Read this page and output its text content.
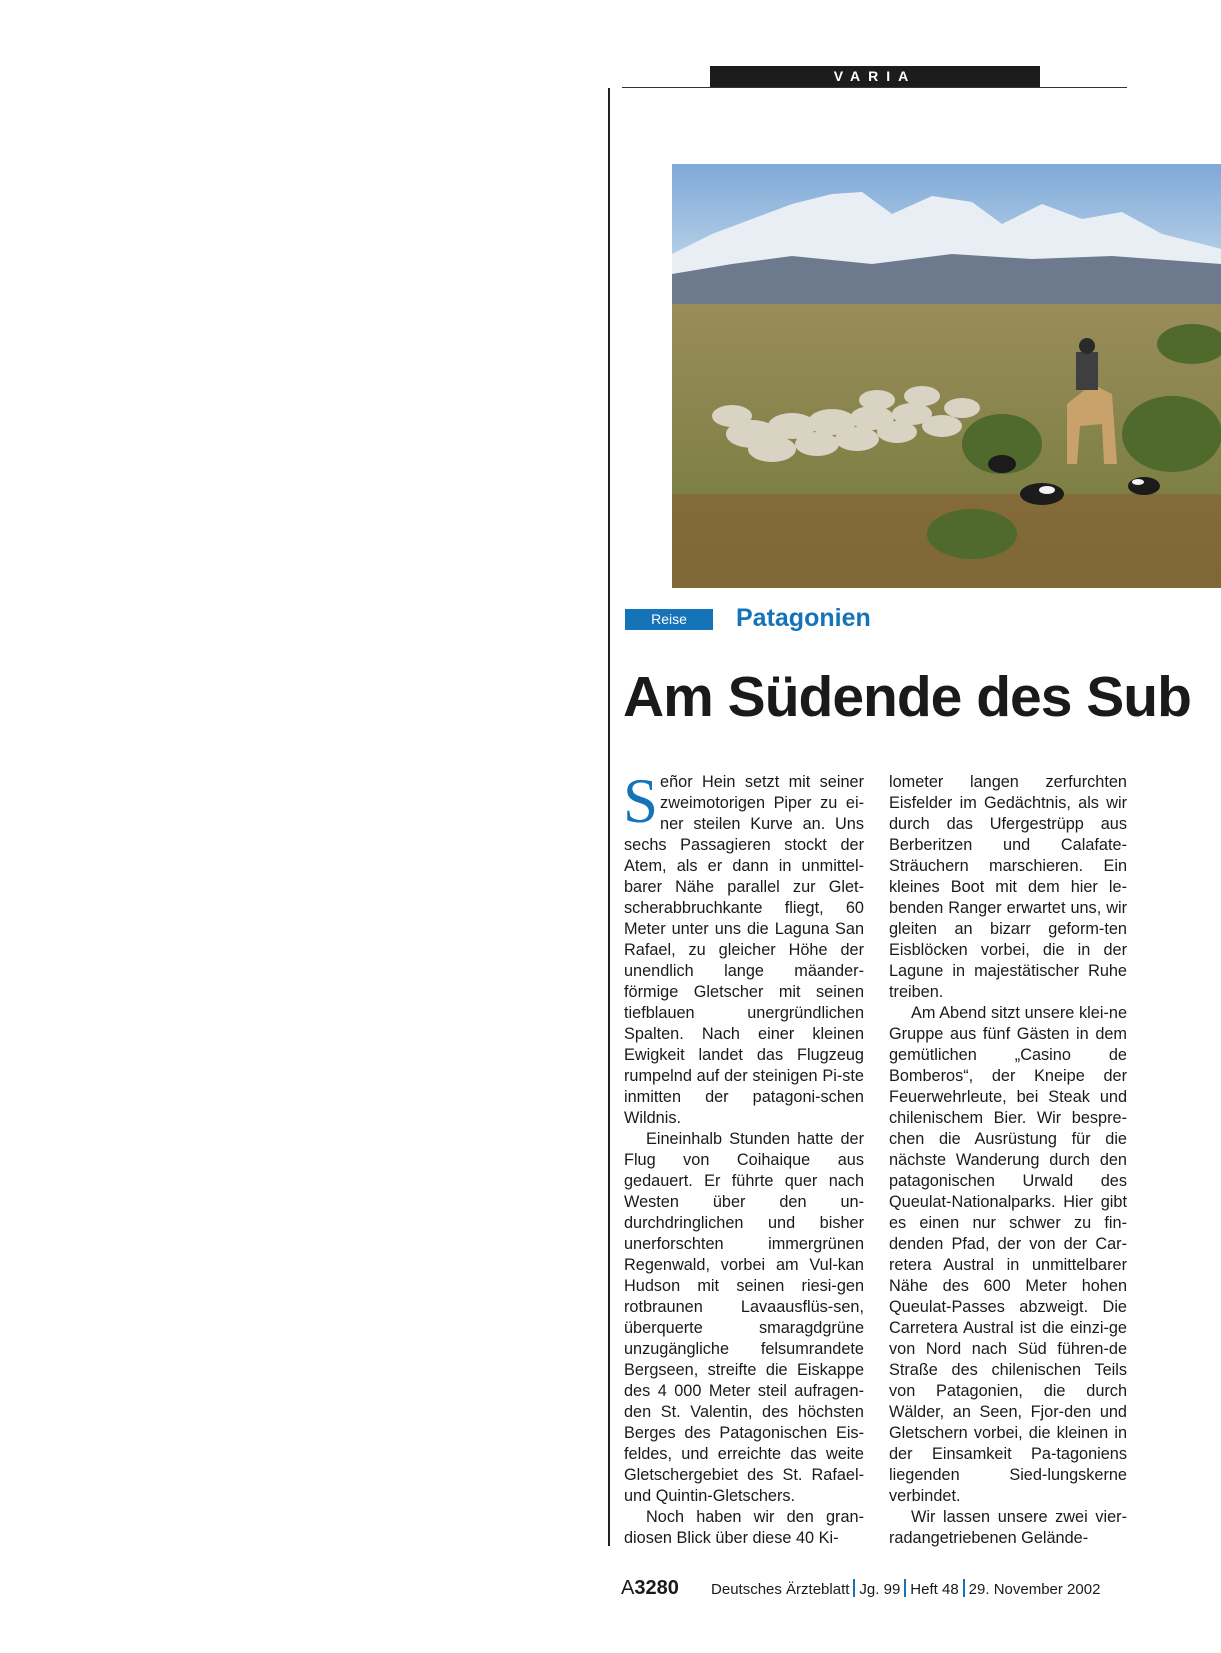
VARIA
Reise	Patagonien
Am Südende des Sub

Señor Hein setzt mit seiner zweimotorigen Piper zu ei-ner steilen Kurve an. Uns sechs Passagieren stockt der Atem, als er dann in unmittel-barer Nähe parallel zur Glet-scherabbruchkante fliegt, 60 Meter unter uns die Laguna San Rafael, zu gleicher Höhe der unendlich lange mäander-förmige Gletscher mit seinen tiefblauen unergründlichen Spalten. Nach einer kleinen Ewigkeit landet das Flugzeug rumpelnd auf der steinigen Pi-ste inmitten der patagoni-schen Wildnis.

Eineinhalb Stunden hatte der Flug von Coihaique aus gedauert. Er führte quer nach Westen über den un-durchdringlichen und bisher unerforschten immergrünen Regenwald, vorbei am Vul-kan Hudson mit seinen riesi-gen rotbraunen Lavaausflüs-sen, überquerte smaragdgrüne unzugängliche felsumrandete Bergseen, streifte die Eiskappe des 4 000 Meter steil aufragen-den St. Valentin, des höchsten Berges des Patagonischen Eis-feldes, und erreichte das weite Gletschergebiet des St. Rafael- und Quintin-Gletschers.

Noch haben wir den gran-diosen Blick über diese 40 Ki-

lometer langen zerfurchten Eisfelder im Gedächtnis, als wir durch das Ufergestrüpp aus Berberitzen und Calafate-Sträuchern marschieren. Ein kleines Boot mit dem hier le-benden Ranger erwartet uns, wir gleiten an bizarr geform-ten Eisblöcken vorbei, die in der Lagune in majestätischer Ruhe treiben.

Am Abend sitzt unsere klei-ne Gruppe aus fünf Gästen in dem gemütlichen „Casino de Bomberos“, der Kneipe der Feuerwehrleute, bei Steak und chilenischem Bier. Wir bespre-chen die Ausrüstung für die nächste Wanderung durch den patagonischen Urwald des Queulat-Nationalparks. Hier gibt es einen nur schwer zu fin-denden Pfad, der von der Car-retera Austral in unmittelbarer Nähe des 600 Meter hohen Queulat-Passes abzweigt. Die Carretera Austral ist die einzi-ge von Nord nach Süd führen-de Straße des chilenischen Teils von Patagonien, die durch Wälder, an Seen, Fjor-den und Gletschern vorbei, die kleinen in der Einsamkeit Pa-tagoniens liegenden Sied-lungskerne verbindet.

Wir lassen unsere zwei vier-radangetriebenen Gelände-

A3280 Deutsches Ärzteblatt Jg. 99 Heft 48 29. November 2002
